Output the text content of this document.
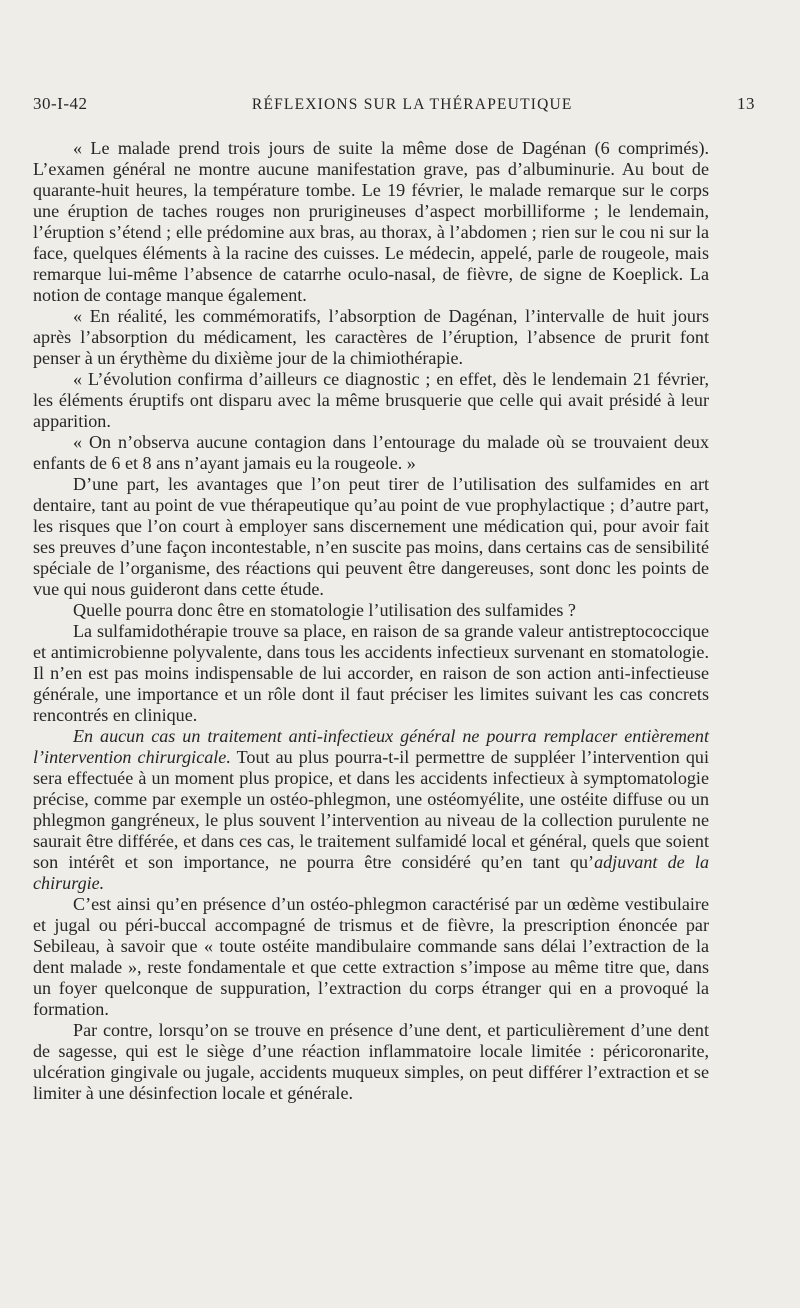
30-I-42	RÉFLEXIONS SUR LA THÉRAPEUTIQUE	13

« Le malade prend trois jours de suite la même dose de Dagénan (6 comprimés). L’examen général ne montre aucune manifestation grave, pas d’albuminurie. Au bout de quarante-huit heures, la température tombe. Le 19 février, le malade remarque sur le corps une éruption de taches rouges non prurigineuses d’aspect morbilliforme ; le lendemain, l’éruption s’étend ; elle prédomine aux bras, au thorax, à l’abdomen ; rien sur le cou ni sur la face, quelques éléments à la racine des cuisses. Le médecin, appelé, parle de rougeole, mais remarque lui-même l’absence de catarrhe oculo-nasal, de fièvre, de signe de Koeplick. La notion de contage manque également.

« En réalité, les commémoratifs, l’absorption de Dagénan, l’intervalle de huit jours après l’absorption du médicament, les caractères de l’éruption, l’absence de prurit font penser à un érythème du dixième jour de la chimiothérapie.

« L’évolution confirma d’ailleurs ce diagnostic ; en effet, dès le lendemain 21 février, les éléments éruptifs ont disparu avec la même brusquerie que celle qui avait présidé à leur apparition.

« On n’observa aucune contagion dans l’entourage du malade où se trouvaient deux enfants de 6 et 8 ans n’ayant jamais eu la rougeole. »

D’une part, les avantages que l’on peut tirer de l’utilisation des sulfamides en art dentaire, tant au point de vue thérapeutique qu’au point de vue prophylactique ; d’autre part, les risques que l’on court à employer sans discernement une médication qui, pour avoir fait ses preuves d’une façon incontestable, n’en suscite pas moins, dans certains cas de sensibilité spéciale de l’organisme, des réactions qui peuvent être dangereuses, sont donc les points de vue qui nous guideront dans cette étude.

Quelle pourra donc être en stomatologie l’utilisation des sulfamides ?

La sulfamidothérapie trouve sa place, en raison de sa grande valeur antistreptococcique et antimicrobienne polyvalente, dans tous les accidents infectieux survenant en stomatologie. Il n’en est pas moins indispensable de lui accorder, en raison de son action anti-infectieuse générale, une importance et un rôle dont il faut préciser les limites suivant les cas concrets rencontrés en clinique.

En aucun cas un traitement anti-infectieux général ne pourra remplacer entièrement l’intervention chirurgicale. Tout au plus pourra-t-il permettre de suppléer l’intervention qui sera effectuée à un moment plus propice, et dans les accidents infectieux à symptomatologie précise, comme par exemple un ostéo-phlegmon, une ostéomyélite, une ostéite diffuse ou un phlegmon gangréneux, le plus souvent l’intervention au niveau de la collection purulente ne saurait être différée, et dans ces cas, le traitement sulfamidé local et général, quels que soient son intérêt et son importance, ne pourra être considéré qu’en tant qu’adjuvant de la chirurgie.

C’est ainsi qu’en présence d’un ostéo-phlegmon caractérisé par un œdème vestibulaire et jugal ou péri-buccal accompagné de trismus et de fièvre, la prescription énoncée par Sebileau, à savoir que « toute ostéite mandibulaire commande sans délai l’extraction de la dent malade », reste fondamentale et que cette extraction s’impose au même titre que, dans un foyer quelconque de suppuration, l’extraction du corps étranger qui en a provoqué la formation.

Par contre, lorsqu’on se trouve en présence d’une dent, et particulièrement d’une dent de sagesse, qui est le siège d’une réaction inflammatoire locale limitée : péricoronarite, ulcération gingivale ou jugale, accidents muqueux simples, on peut différer l’extraction et se limiter à une désinfection locale et générale.
